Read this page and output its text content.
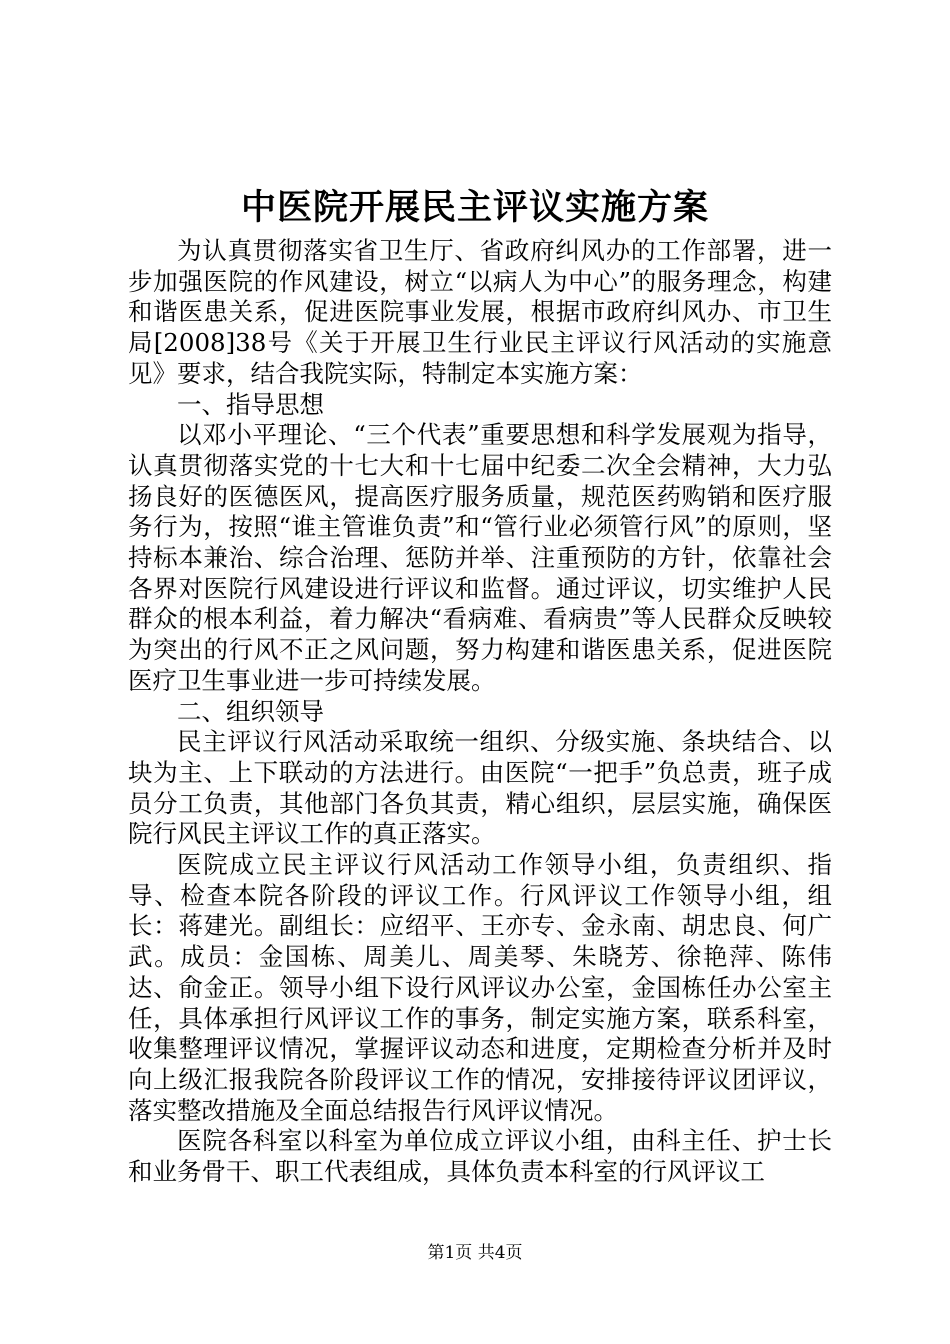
中医院开展民主评议实施方案

为认真贯彻落实省卫生厅、省政府纠风办的工作部署，进一步加强医院的作风建设，树立“以病人为中心”的服务理念，构建和谐医患关系，促进医院事业发展，根据市政府纠风办、市卫生局[2008]38号《关于开展卫生行业民主评议行风活动的实施意见》要求，结合我院实际，特制定本实施方案：

一、指导思想

以邓小平理论、“三个代表”重要思想和科学发展观为指导，认真贯彻落实党的十七大和十七届中纪委二次全会精神，大力弘扬良好的医德医风，提高医疗服务质量，规范医药购销和医疗服务行为，按照“谁主管谁负责”和“管行业必须管行风”的原则，坚持标本兼治、综合治理、惩防并举、注重预防的方针，依靠社会各界对医院行风建设进行评议和监督。通过评议，切实维护人民群众的根本利益，着力解决“看病难、看病贵”等人民群众反映较为突出的行风不正之风问题，努力构建和谐医患关系，促进医院医疗卫生事业进一步可持续发展。

二、组织领导

民主评议行风活动采取统一组织、分级实施、条块结合、以块为主、上下联动的方法进行。由医院“一把手”负总责，班子成员分工负责，其他部门各负其责，精心组织，层层实施，确保医院行风民主评议工作的真正落实。

医院成立民主评议行风活动工作领导小组，负责组织、指导、检查本院各阶段的评议工作。行风评议工作领导小组，组长：蒋建光。副组长：应绍平、王亦专、金永南、胡忠良、何广武。成员：金国栋、周美儿、周美琴、朱晓芳、徐艳萍、陈伟达、俞金正。领导小组下设行风评议办公室，金国栋任办公室主任，具体承担行风评议工作的事务，制定实施方案，联系科室，收集整理评议情况，掌握评议动态和进度，定期检查分析并及时向上级汇报我院各阶段评议工作的情况，安排接待评议团评议，落实整改措施及全面总结报告行风评议情况。

医院各科室以科室为单位成立评议小组，由科主任、护士长和业务骨干、职工代表组成，具体负责本科室的行风评议工

第1页 共4页
